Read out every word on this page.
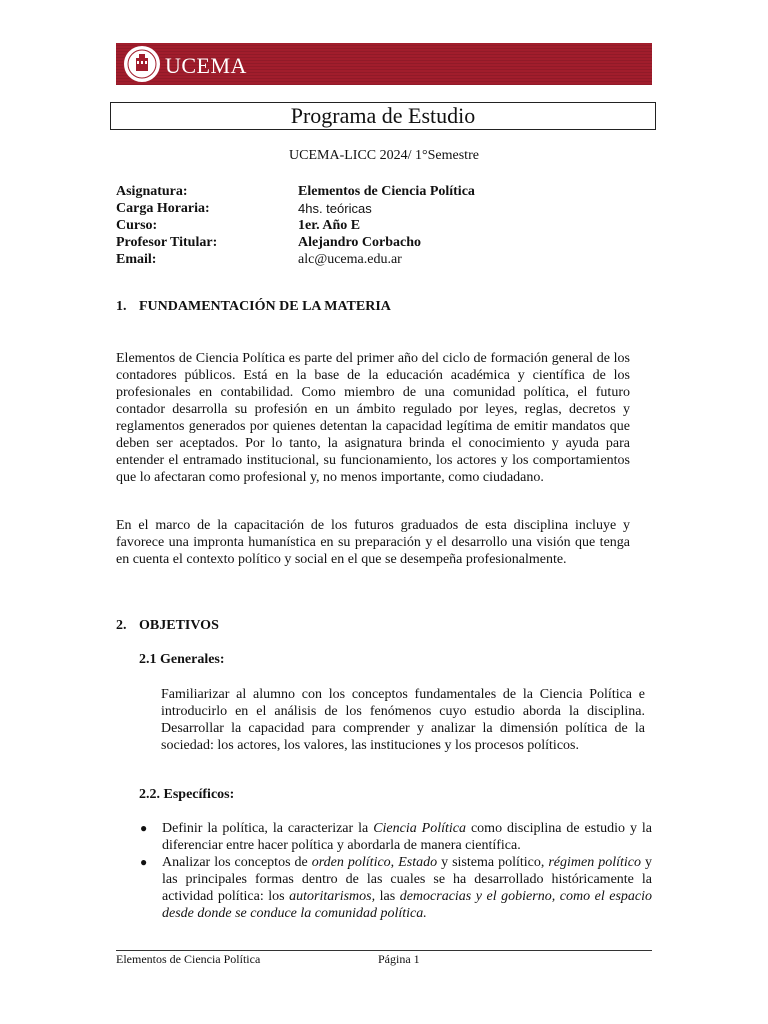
UCEMA
Programa de Estudio
UCEMA-LICC 2024/ 1°Semestre
Asignatura:	Elementos de Ciencia Política
Carga Horaria:	4hs. teóricas
Curso:	1er. Año E
Profesor Titular:	Alejandro Corbacho
Email:	alc@ucema.edu.ar
1. FUNDAMENTACIÓN DE LA MATERIA

Elementos de Ciencia Política es parte del primer año del ciclo de formación general de los contadores públicos. Está en la base de la educación académica y científica de los profesionales en contabilidad. Como miembro de una comunidad política, el futuro contador desarrolla su profesión en un ámbito regulado por leyes, reglas, decretos y reglamentos generados por quienes detentan la capacidad legítima de emitir mandatos que deben ser aceptados. Por lo tanto, la asignatura brinda el conocimiento y ayuda para entender el entramado institucional, su funcionamiento, los actores y los comportamientos que lo afectaran como profesional y, no menos importante, como ciudadano.

En el marco de la capacitación de los futuros graduados de esta disciplina incluye y favorece una impronta humanística en su preparación y el desarrollo una visión que tenga en cuenta el contexto político y social en el que se desempeña profesionalmente.

2. OBJETIVOS
2.1 Generales:

Familiarizar al alumno con los conceptos fundamentales de la Ciencia Política e introducirlo en el análisis de los fenómenos cuyo estudio aborda la disciplina. Desarrollar la capacidad para comprender y analizar la dimensión política de la sociedad: los actores, los valores, las instituciones y los procesos políticos.

2.2. Específicos:
● Definir la política, la caracterizar la Ciencia Política como disciplina de estudio y la diferenciar entre hacer política y abordarla de manera científica.
● Analizar los conceptos de orden político, Estado y sistema político, régimen político y las principales formas dentro de las cuales se ha desarrollado históricamente la actividad política: los autoritarismos, las democracias y el gobierno, como el espacio desde donde se conduce la comunidad política.
Elementos de Ciencia Política	Página 1
